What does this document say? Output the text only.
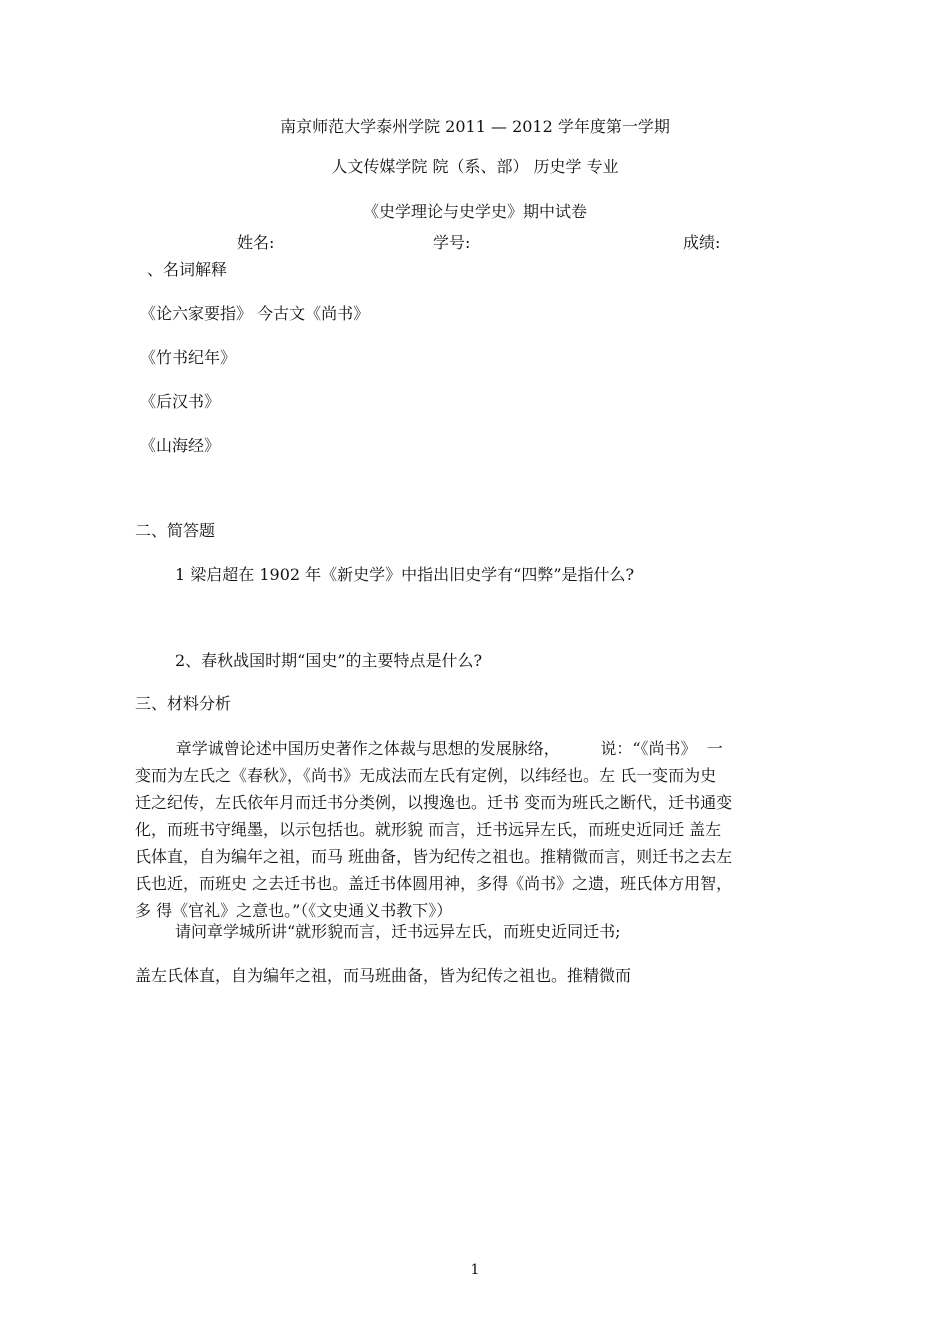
南京师范大学泰州学院 2011 — 2012 学年度第一学期
人文传媒学院 院（系、部） 历史学 专业
《史学理论与史学史》期中试卷
姓名:	学号:	成绩:
、名词解释
《论六家要指》 今古文《尚书》
《竹书纪年》
《后汉书》
《山海经》
二、简答题
1 梁启超在 1902 年《新史学》中指出旧史学有“四弊”是指什么?
2、春秋战国时期“国史”的主要特点是什么?
三、材料分析

章学诚曾论述中国历史著作之体裁与思想的发展脉络，        说：“《尚书》  一

变而为左氏之《春秋》，《尚书》无成法而左氏有定例，以纬经也。左 氏一变而为史

迁之纪传，左氏依年月而迁书分类例，以搜逸也。迁书 变而为班氏之断代，迁书通变

化，而班书守绳墨，以示包括也。就形貌 而言，迁书远异左氏，而班史近同迁 盖左

氏体直，自为编年之祖，而马 班曲备，皆为纪传之祖也。推精微而言，则迁书之去左

氏也近，而班史 之去迁书也。盖迁书体圆用神，多得《尚书》之遗，班氏体方用智，

多 得《官礼》之意也。”（《文史通义书教下》）

请问章学城所讲“就形貌而言，迁书远异左氏，而班史近同迁书;
盖左氏体直，自为编年之祖，而马班曲备，皆为纪传之祖也。推精微而
1
